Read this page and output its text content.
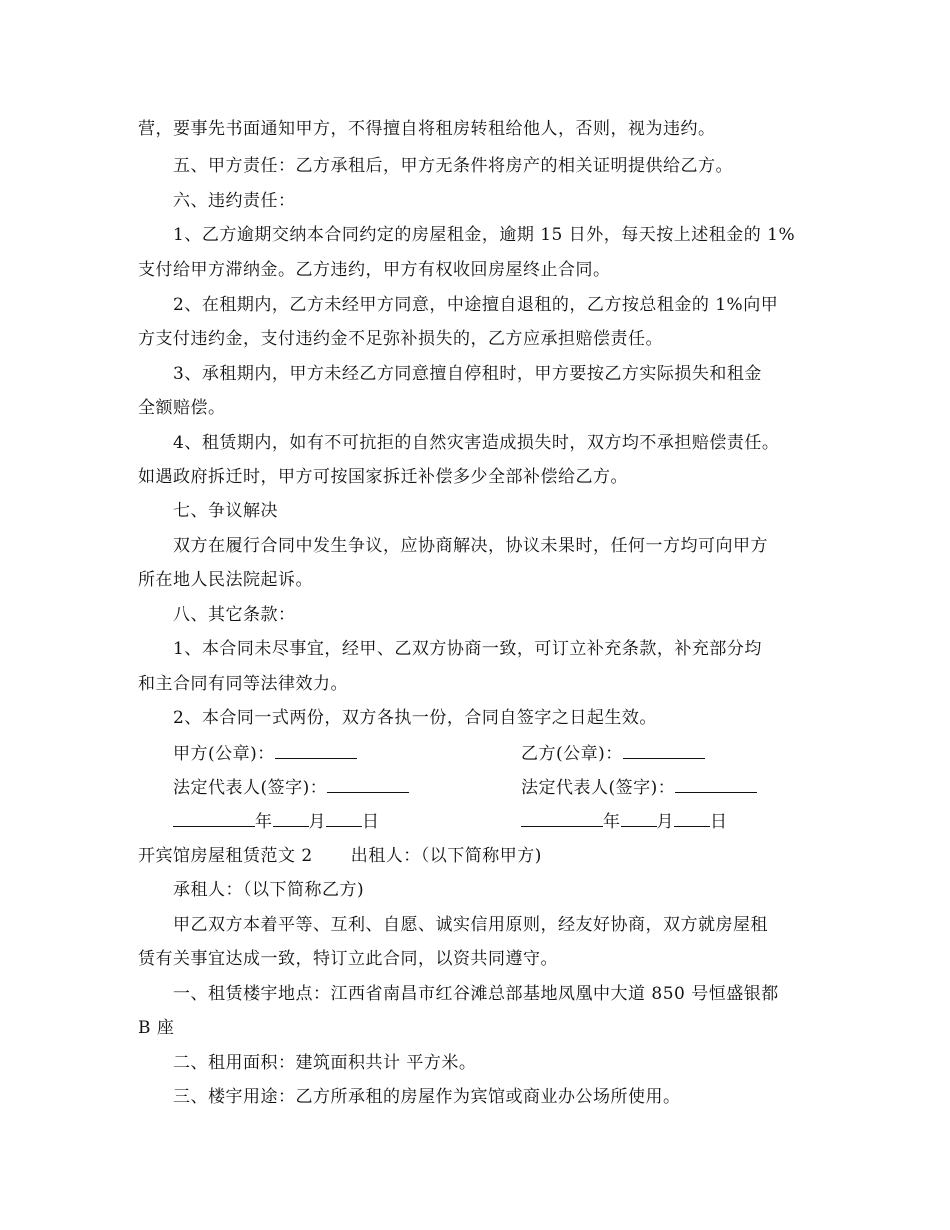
营，要事先书面通知甲方，不得擅自将租房转租给他人，否则，视为违约。
五、甲方责任：乙方承租后，甲方无条件将房产的相关证明提供给乙方。
六、违约责任：
1、乙方逾期交纳本合同约定的房屋租金，逾期 15 日外，每天按上述租金的 1%
支付给甲方滞纳金。乙方违约，甲方有权收回房屋终止合同。
2、在租期内，乙方未经甲方同意，中途擅自退租的，乙方按总租金的 1%向甲
方支付违约金，支付违约金不足弥补损失的，乙方应承担赔偿责任。
3、承租期内，甲方未经乙方同意擅自停租时，甲方要按乙方实际损失和租金
全额赔偿。
4、租赁期内，如有不可抗拒的自然灾害造成损失时，双方均不承担赔偿责任。
如遇政府拆迁时，甲方可按国家拆迁补偿多少全部补偿给乙方。
七、争议解决
双方在履行合同中发生争议，应协商解决，协议未果时，任何一方均可向甲方
所在地人民法院起诉。
八、其它条款：
1、本合同未尽事宜，经甲、乙双方协商一致，可订立补充条款，补充部分均
和主合同有同等法律效力。
2、本合同一式两份，双方各执一份，合同自签字之日起生效。
甲方(公章)：	乙方(公章)：
法定代表人(签字)：	法定代表人(签字)：
年 月 日	年 月 日
开宾馆房屋租赁范文 2 出租人：（以下简称甲方)
承租人：（以下简称乙方)
甲乙双方本着平等、互利、自愿、诚实信用原则，经友好协商，双方就房屋租
赁有关事宜达成一致，特订立此合同，以资共同遵守。
一、租赁楼宇地点：江西省南昌市红谷滩总部基地凤凰中大道 850 号恒盛银都
B 座
二、租用面积：建筑面积共计 平方米。
三、楼宇用途：乙方所承租的房屋作为宾馆或商业办公场所使用。
